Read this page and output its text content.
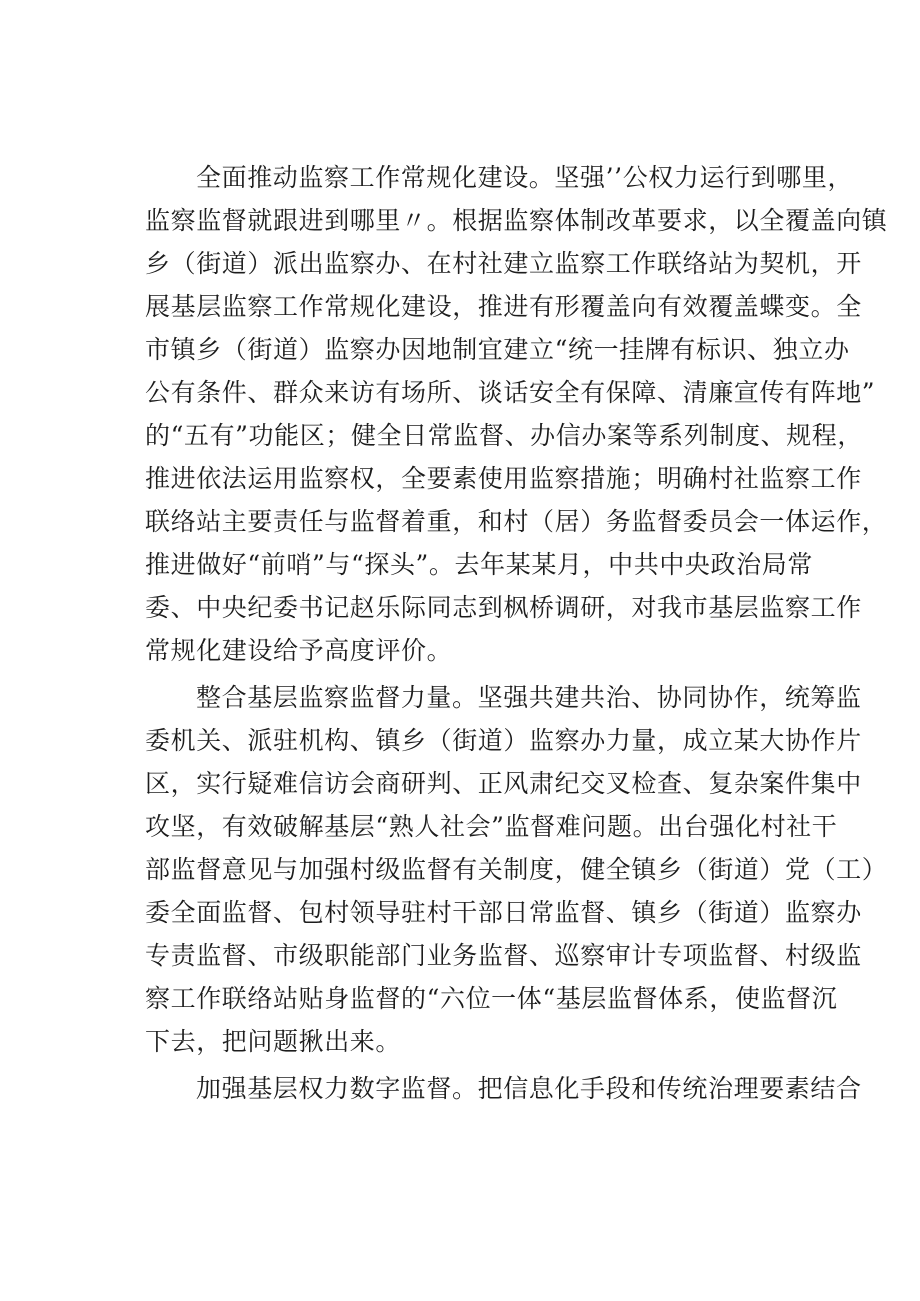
全面推动监察工作常规化建设。坚强’’公权力运行到哪里，

监察监督就跟进到哪里〃。根据监察体制改革要求，以全覆盖向镇

乡（街道）派出监察办、在村社建立监察工作联络站为契机，开

展基层监察工作常规化建设，推进有形覆盖向有效覆盖蝶变。全

市镇乡（街道）监察办因地制宜建立“统一挂牌有标识、独立办

公有条件、群众来访有场所、谈话安全有保障、清廉宣传有阵地”

的“五有”功能区；健全日常监督、办信办案等系列制度、规程，

推进依法运用监察权，全要素使用监察措施；明确村社监察工作

联络站主要责任与监督着重，和村（居）务监督委员会一体运作，

推进做好“前哨”与“探头”。去年某某月，中共中央政治局常

委、中央纪委书记赵乐际同志到枫桥调研，对我市基层监察工作

常规化建设给予高度评价。

整合基层监察监督力量。坚强共建共治、协同协作，统筹监

委机关、派驻机构、镇乡（街道）监察办力量，成立某大协作片

区，实行疑难信访会商研判、正风肃纪交叉检查、复杂案件集中

攻坚，有效破解基层“熟人社会”监督难问题。出台强化村社干

部监督意见与加强村级监督有关制度，健全镇乡（街道）党（工）

委全面监督、包村领导驻村干部日常监督、镇乡（街道）监察办

专责监督、市级职能部门业务监督、巡察审计专项监督、村级监

察工作联络站贴身监督的“六位一体“基层监督体系，使监督沉

下去，把问题揪出来。

加强基层权力数字监督。把信息化手段和传统治理要素结合
